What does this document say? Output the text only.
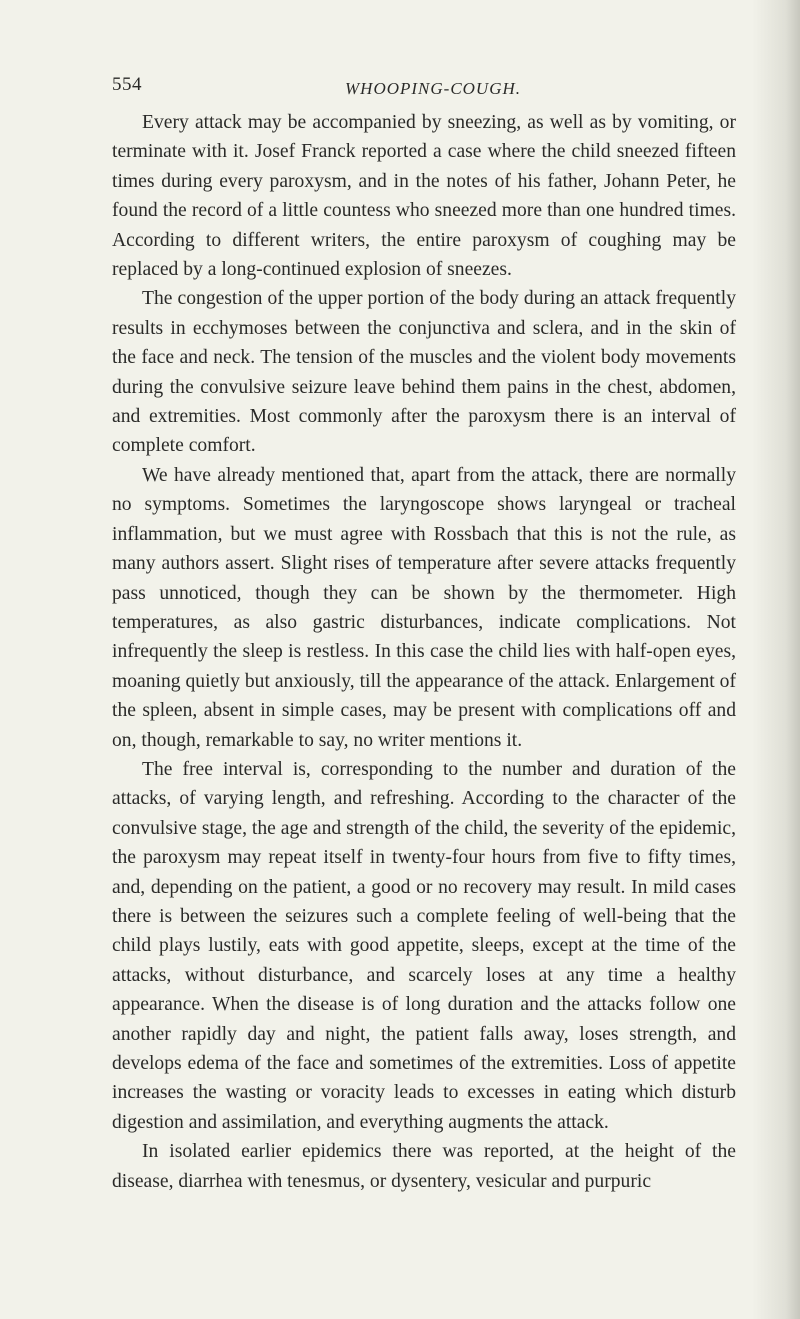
554	WHOOPING-COUGH.

Every attack may be accompanied by sneezing, as well as by vomiting, or terminate with it. Josef Franck reported a case where the child sneezed fifteen times during every paroxysm, and in the notes of his father, Johann Peter, he found the record of a little countess who sneezed more than one hundred times. According to different writers, the entire paroxysm of coughing may be replaced by a long-continued explosion of sneezes.

The congestion of the upper portion of the body during an attack frequently results in ecchymoses between the conjunctiva and sclera, and in the skin of the face and neck. The tension of the muscles and the violent body movements during the convulsive seizure leave behind them pains in the chest, abdomen, and extremities. Most commonly after the paroxysm there is an interval of complete comfort.

We have already mentioned that, apart from the attack, there are normally no symptoms. Sometimes the laryngoscope shows laryngeal or tracheal inflammation, but we must agree with Rossbach that this is not the rule, as many authors assert. Slight rises of temperature after severe attacks frequently pass unnoticed, though they can be shown by the thermometer. High temperatures, as also gastric disturbances, indicate complications. Not infrequently the sleep is restless. In this case the child lies with half-open eyes, moaning quietly but anxiously, till the appearance of the attack. Enlargement of the spleen, absent in simple cases, may be present with complications off and on, though, remarkable to say, no writer mentions it.

The free interval is, corresponding to the number and duration of the attacks, of varying length, and refreshing. According to the character of the convulsive stage, the age and strength of the child, the severity of the epidemic, the paroxysm may repeat itself in twenty-four hours from five to fifty times, and, depending on the patient, a good or no recovery may result. In mild cases there is between the seizures such a complete feeling of well-being that the child plays lustily, eats with good appetite, sleeps, except at the time of the attacks, without disturbance, and scarcely loses at any time a healthy appearance. When the disease is of long duration and the attacks follow one another rapidly day and night, the patient falls away, loses strength, and develops edema of the face and sometimes of the extremities. Loss of appetite increases the wasting or voracity leads to excesses in eating which disturb digestion and assimilation, and everything augments the attack.

In isolated earlier epidemics there was reported, at the height of the disease, diarrhea with tenesmus, or dysentery, vesicular and purpuric
